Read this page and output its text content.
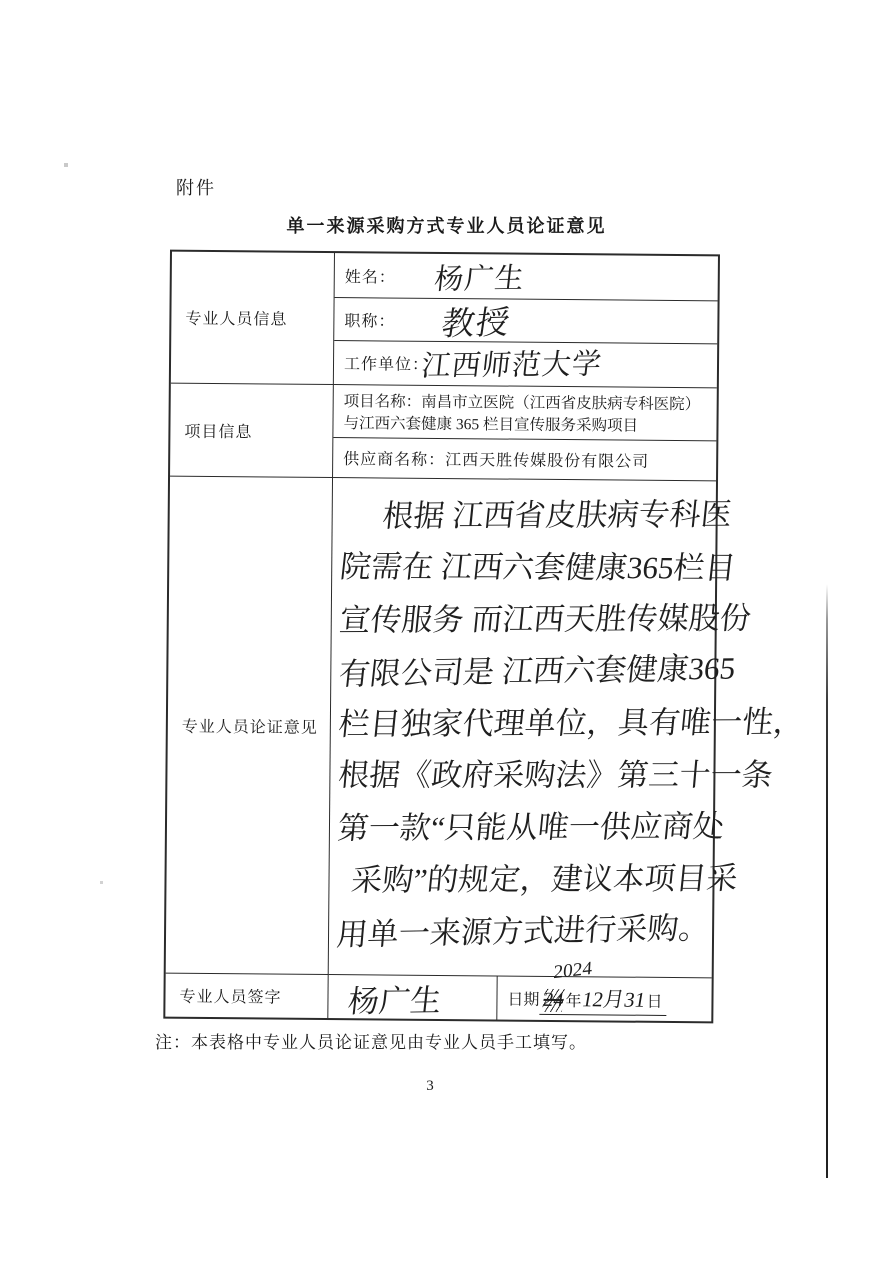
附件
单一来源采购方式专业人员论证意见
专业人员信息
项目信息
专业人员论证意见
专业人员签字
姓名： 杨广生
职称： 教授
工作单位：
江西师范大学
项目名称：南昌市立医院（江西省皮肤病专科医院）与江西六套健康 365 栏目宣传服务采购项目
供应商名称：江西天胜传媒股份有限公司
根据 江西省皮肤病专科医
院需在 江西六套健康365栏目
宣传服务 而江西天胜传媒股份
有限公司是 江西六套健康365
栏目独家代理单位，具有唯一性，
根据《政府采购法》第三十一条
第一款“只能从唯一供应商处
采购”的规定，建议本项目采
用单一来源方式进行采购。
杨广生
2024
日期 24 年
12月31 日
注：本表格中专业人员论证意见由专业人员手工填写。
3
